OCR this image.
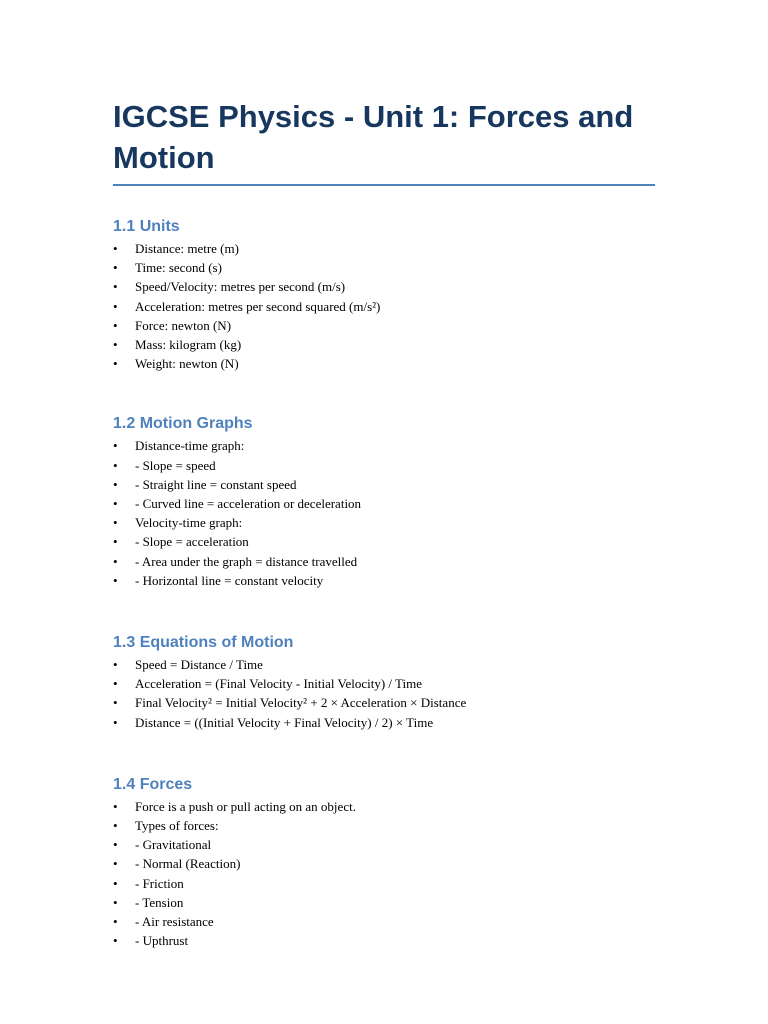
IGCSE Physics - Unit 1: Forces and Motion
1.1 Units
• Distance: metre (m)
• Time: second (s)
• Speed/Velocity: metres per second (m/s)
• Acceleration: metres per second squared (m/s²)
• Force: newton (N)
• Mass: kilogram (kg)
• Weight: newton (N)
1.2 Motion Graphs
• Distance-time graph:
• - Slope = speed
• - Straight line = constant speed
• - Curved line = acceleration or deceleration
• Velocity-time graph:
• - Slope = acceleration
• - Area under the graph = distance travelled
• - Horizontal line = constant velocity
1.3 Equations of Motion
• Speed = Distance / Time
• Acceleration = (Final Velocity - Initial Velocity) / Time
• Final Velocity² = Initial Velocity² + 2 × Acceleration × Distance
• Distance = ((Initial Velocity + Final Velocity) / 2) × Time
1.4 Forces
• Force is a push or pull acting on an object.
• Types of forces:
• - Gravitational
• - Normal (Reaction)
• - Friction
• - Tension
• - Air resistance
• - Upthrust
